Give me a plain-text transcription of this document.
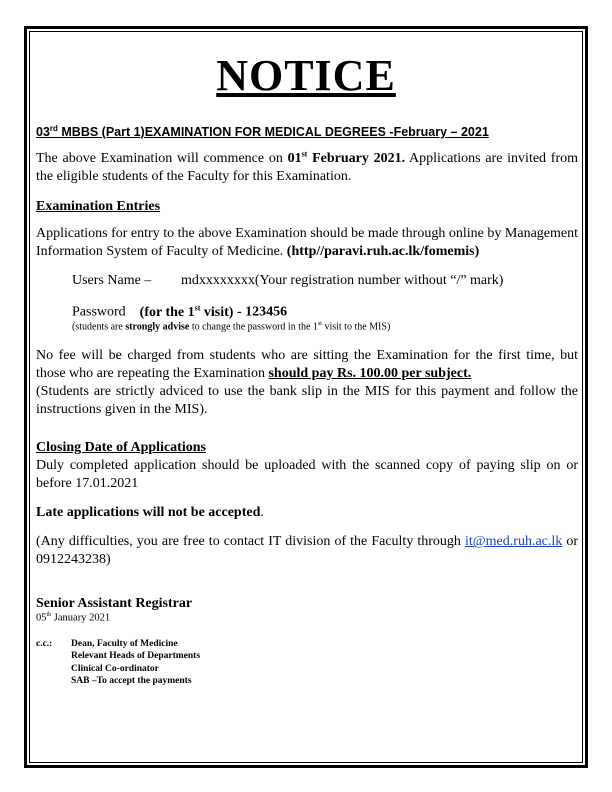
NOTICE
03rd MBBS (Part 1)EXAMINATION FOR MEDICAL DEGREES -February – 2021
The above Examination will commence on 01st February 2021. Applications are invited from the eligible students of the Faculty for this Examination.
Examination Entries
Applications for entry to the above Examination should be made through online by Management Information System of Faculty of Medicine. (http//paravi.ruh.ac.lk/fomemis)
Users Name – mdxxxxxxxx(Your registration number without “/” mark)
Password (for the 1st visit) - 123456
(students are strongly advise to change the password in the 1st visit to the MIS)
No fee will be charged from students who are sitting the Examination for the first time, but those who are repeating the Examination should pay Rs. 100.00 per subject.
(Students are strictly adviced to use the bank slip in the MIS for this payment and follow the instructions given in the MIS).
Closing Date of Applications
Duly completed application should be uploaded with the scanned copy of paying slip on or before 17.01.2021
Late applications will not be accepted.
(Any difficulties, you are free to contact IT division of the Faculty through it@med.ruh.ac.lk or 0912243238)
Senior Assistant Registrar
05th January 2021
c.c.: Dean, Faculty of Medicine
Relevant Heads of Departments
Clinical Co-ordinator
SAB –To accept the payments
